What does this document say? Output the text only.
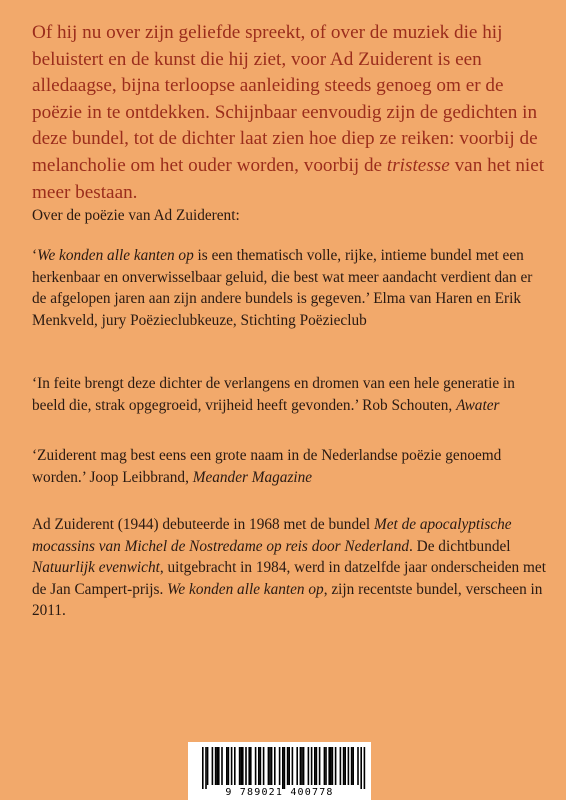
Of hij nu over zijn geliefde spreekt, of over de muziek die hij beluistert en de kunst die hij ziet, voor Ad Zuiderent is een alledaagse, bijna terloopse aanleiding steeds genoeg om er de poëzie in te ontdekken. Schijnbaar eenvoudig zijn de gedichten in deze bundel, tot de dichter laat zien hoe diep ze reiken: voorbij de melancholie om het ouder worden, voorbij de tristesse van het niet meer bestaan.
Over de poëzie van Ad Zuiderent:
‘We konden alle kanten op is een thematisch volle, rijke, intieme bundel met een herkenbaar en onverwisselbaar geluid, die best wat meer aandacht verdient dan er de afgelopen jaren aan zijn andere bundels is gegeven.’ Elma van Haren en Erik Menkveld, jury Poëzieclubkeuze, Stichting Poëzieclub
‘In feite brengt deze dichter de verlangens en dromen van een hele generatie in beeld die, strak opgegroeid, vrijheid heeft gevonden.’ Rob Schouten, Awater
‘Zuiderent mag best eens een grote naam in de Nederlandse poëzie genoemd worden.’ Joop Leibbrand, Meander Magazine
Ad Zuiderent (1944) debuteerde in 1968 met de bundel Met de apocalyptische mocassins van Michel de Nostredame op reis door Nederland. De dichtbundel Natuurlijk evenwicht, uitgebracht in 1984, werd in datzelfde jaar onderscheiden met de Jan Campert-prijs. We konden alle kanten op, zijn recentste bundel, verscheen in 2011.
9 789021 400778
